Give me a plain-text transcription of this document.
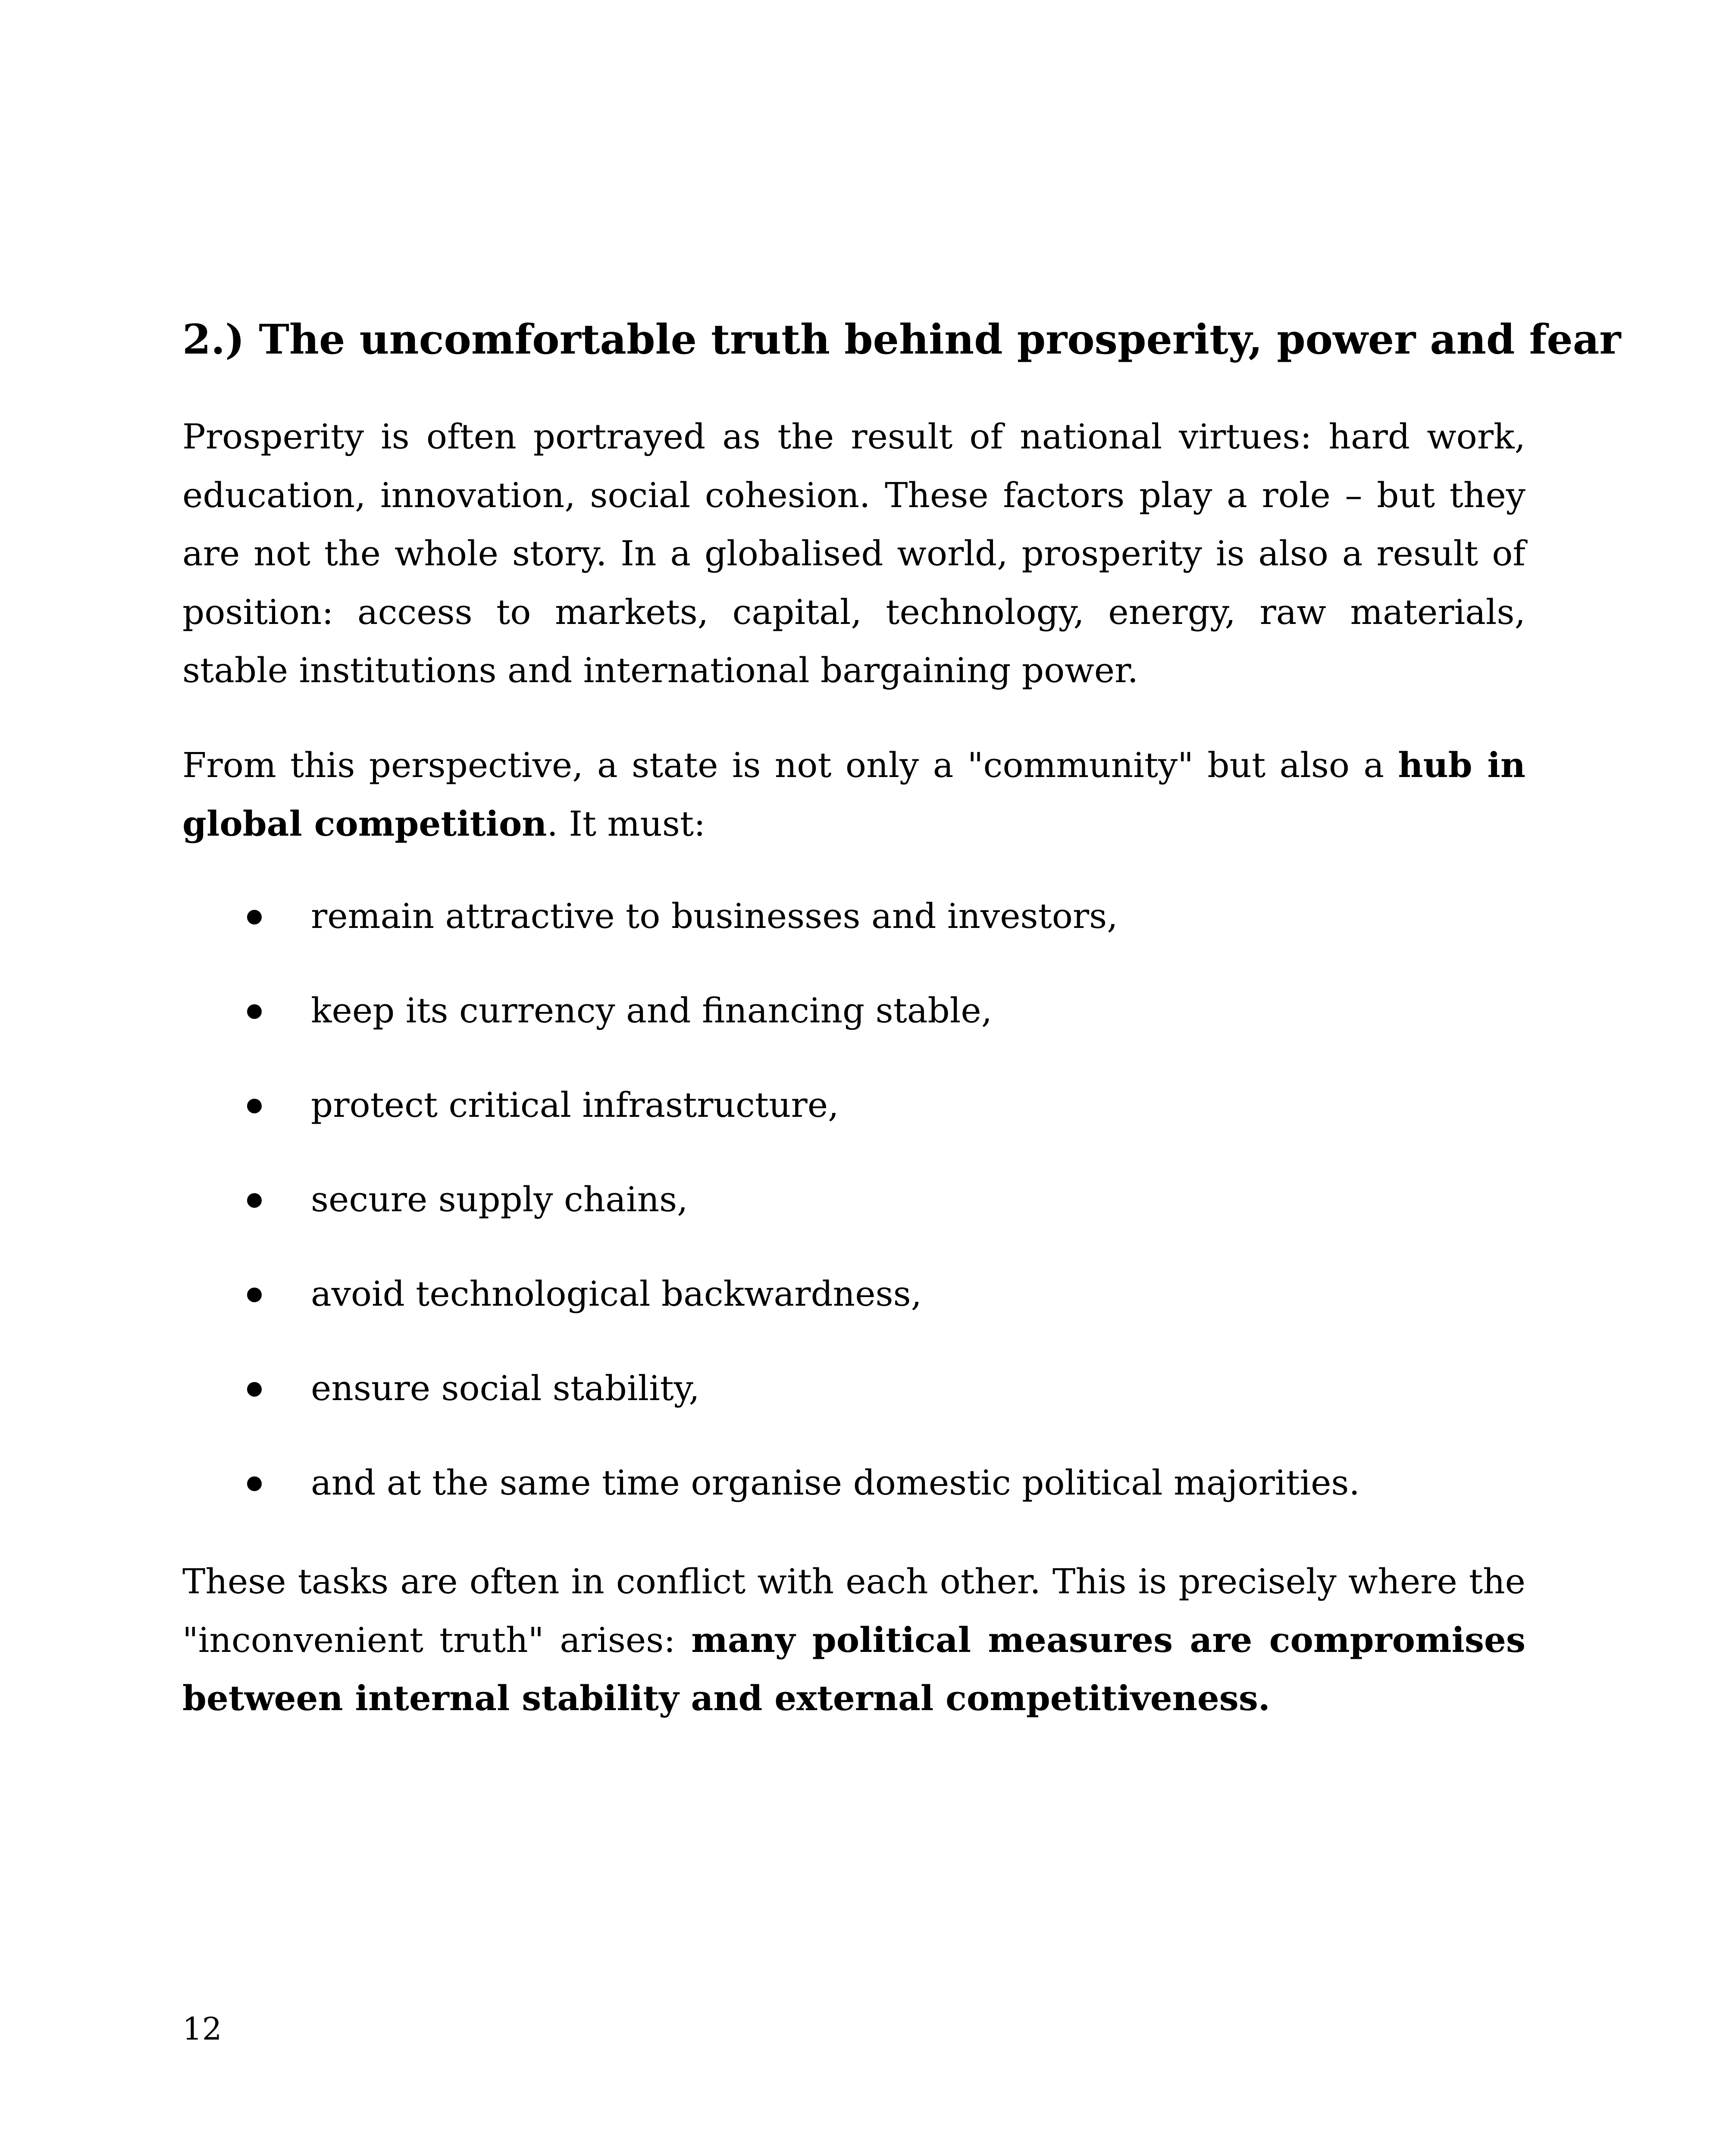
2.) The uncomfortable truth behind prosperity, power and fear

Prosperity is often portrayed as the result of national virtues: hard work, education, innovation, social cohesion. These factors play a role – but they are not the whole story. In a globalised world, prosperity is also a result of position: access to markets, capital, technology, energy, raw materials, stable institutions and international bargaining power.

From this perspective, a state is not only a "community" but also a hub in global competition. It must:

remain attractive to businesses and investors,
keep its currency and financing stable,
protect critical infrastructure,
secure supply chains,
avoid technological backwardness,
ensure social stability,
and at the same time organise domestic political majorities.

These tasks are often in conflict with each other. This is precisely where the "inconvenient truth" arises: many political measures are compromises between internal stability and external competitiveness.

12
